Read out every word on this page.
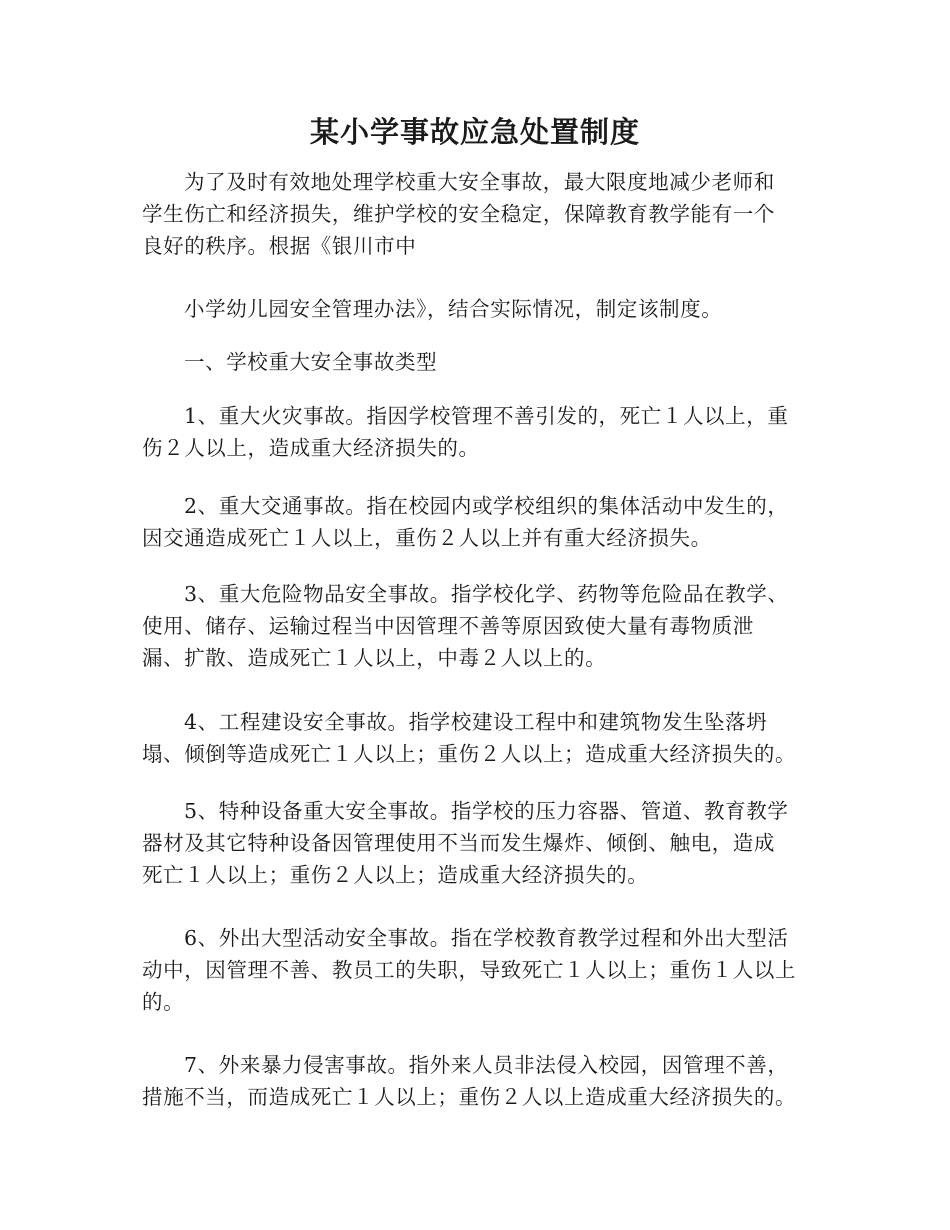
某小学事故应急处置制度
为了及时有效地处理学校重大安全事故，最大限度地减少老师和
学生伤亡和经济损失，维护学校的安全稳定，保障教育教学能有一个
良好的秩序。根据《银川市中
小学幼儿园安全管理办法》，结合实际情况，制定该制度。
一、学校重大安全事故类型
1、重大火灾事故。指因学校管理不善引发的，死亡１人以上，重
伤２人以上，造成重大经济损失的。
2、重大交通事故。指在校园内或学校组织的集体活动中发生的，
因交通造成死亡１人以上，重伤２人以上并有重大经济损失。
3、重大危险物品安全事故。指学校化学、药物等危险品在教学、
使用、储存、运输过程当中因管理不善等原因致使大量有毒物质泄
漏、扩散、造成死亡１人以上，中毒２人以上的。
4、工程建设安全事故。指学校建设工程中和建筑物发生坠落坍
塌、倾倒等造成死亡１人以上；重伤２人以上；造成重大经济损失的。
5、特种设备重大安全事故。指学校的压力容器、管道、教育教学
器材及其它特种设备因管理使用不当而发生爆炸、倾倒、触电，造成
死亡１人以上；重伤２人以上；造成重大经济损失的。
6、外出大型活动安全事故。指在学校教育教学过程和外出大型活
动中，因管理不善、教员工的失职，导致死亡１人以上；重伤１人以上
的。
7、外来暴力侵害事故。指外来人员非法侵入校园，因管理不善，
措施不当，而造成死亡１人以上；重伤２人以上造成重大经济损失的。
